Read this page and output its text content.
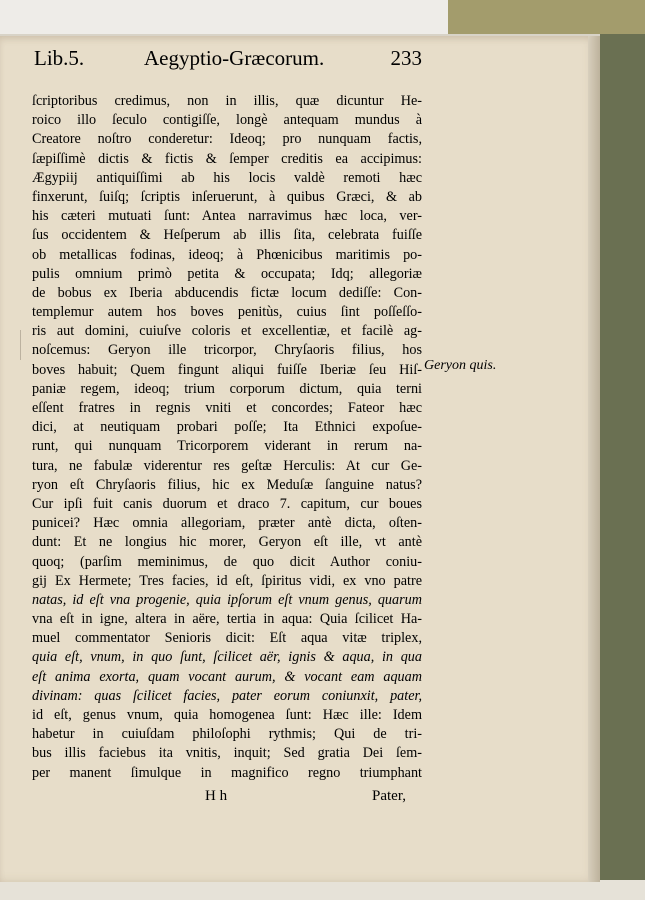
Lib.5.	Aegyptio-Græcorum.	233
ſcriptoribus credimus, non in illis, quæ dicuntur He-
roico illo ſeculo contigiſſe, longè antequam mundus à
Creatore noſtro conderetur: Ideoq; pro nunquam factis,
ſæpiſſimè dictis & fictis & ſemper creditis ea accipimus:
Ægypiij antiquiſſimi ab his locis valdè remoti hæc
finxerunt, ſuiſq; ſcriptis inſeruerunt, à quibus Græci, & ab
his cæteri mutuati ſunt: Antea narravimus hæc loca, ver-
ſus occidentem & Heſperum ab illis ſita, celebrata fuiſſe
ob metallicas fodinas, ideoq; à Phœnicibus maritimis po-
pulis omnium primò petita & occupata; Idq; allegoriæ
de bobus ex Iberia abducendis fictæ locum dediſſe: Con-
templemur autem hos boves penitùs, cuius ſint poſſeſſo-
ris aut domini, cuiuſve coloris et excellentiæ, et facilè ag-
noſcemus: Geryon ille tricorpor, Chryſaoris filius, hos
boves habuit; Quem fingunt aliqui fuiſſe Iberiæ ſeu Hiſ-
paniæ regem, ideoq; trium corporum dictum, quia terni
eſſent fratres in regnis vniti et concordes; Fateor hæc
dici, at neutiquam probari poſſe; Ita Ethnici expoſue-
runt, qui nunquam Tricorporem viderant in rerum na-
tura, ne fabulæ viderentur res geſtæ Herculis: At cur Ge-
ryon eſt Chryſaoris filius, hic ex Meduſæ ſanguine natus?
Cur ipſi fuit canis duorum et draco 7. capitum, cur boues
punicei? Hæc omnia allegoriam, præter antè dicta, oſten-
dunt: Et ne longius hic morer, Geryon eſt ille, vt antè
quoq; (parſim meminimus, de quo dicit Author coniu-
gij Ex Hermete; Tres facies, id eſt, ſpiritus vidi, ex vno patre
natas, id eſt vna progenie, quia ipſorum eſt vnum genus, quarum
vna eſt in igne, altera in aëre, tertia in aqua: Quia ſcilicet Ha-
muel commentator Senioris dicit: Eſt aqua vitæ triplex,
quia eſt, vnum, in quo ſunt, ſcilicet aër, ignis & aqua, in qua
eſt anima exorta, quam vocant aurum, & vocant eam aquam
divinam: quas ſcilicet facies, pater eorum coniunxit, pater,
id eſt, genus vnum, quia homogenea ſunt: Hæc ille: Idem
habetur in cuiuſdam philoſophi rythmis; Qui de tri-
bus illis faciebus ita vnitis, inquit; Sed gratia Dei ſem-
per manent ſimulque in magnifico regno triumphant
Geryon quis.
H h	Pater,
